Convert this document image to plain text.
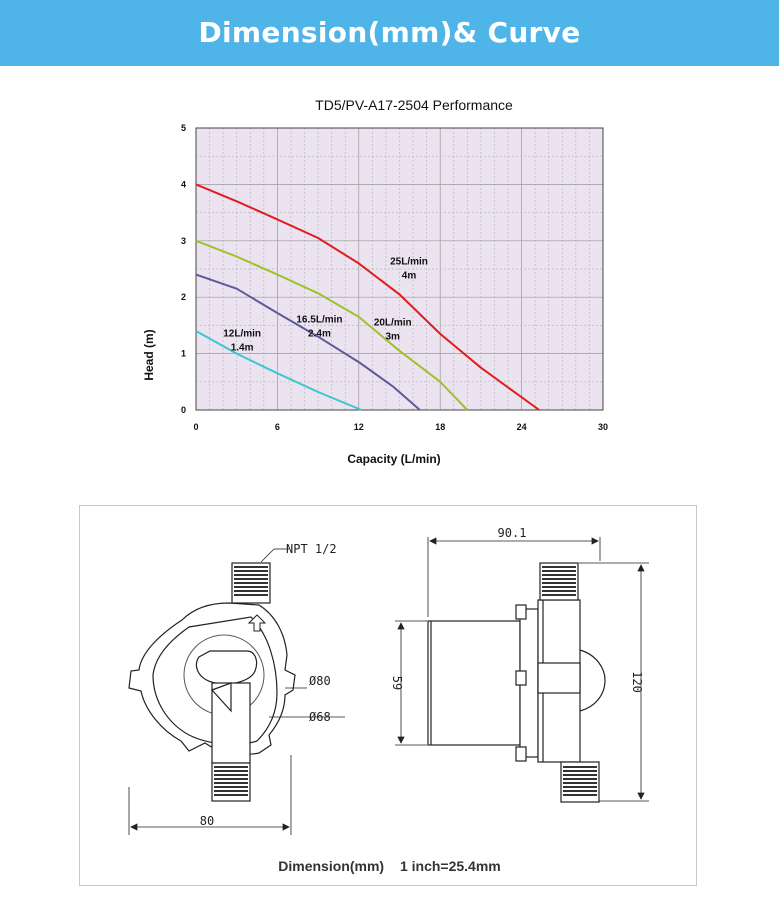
Dimension(mm)& Curve
TD5/PV-A17-2504 Performance
0	6	12	18	24	30
0
1
2
3
4
5
25L/min
4m
20L/min
3m
16.5L/min
2.4m
12L/min
1.4m
Capacity (L/min)
Head (m)
NPT 1/2
Ø80
Ø68
80
90.1
59	120
Dimension(mm) 1 inch=25.4mm
